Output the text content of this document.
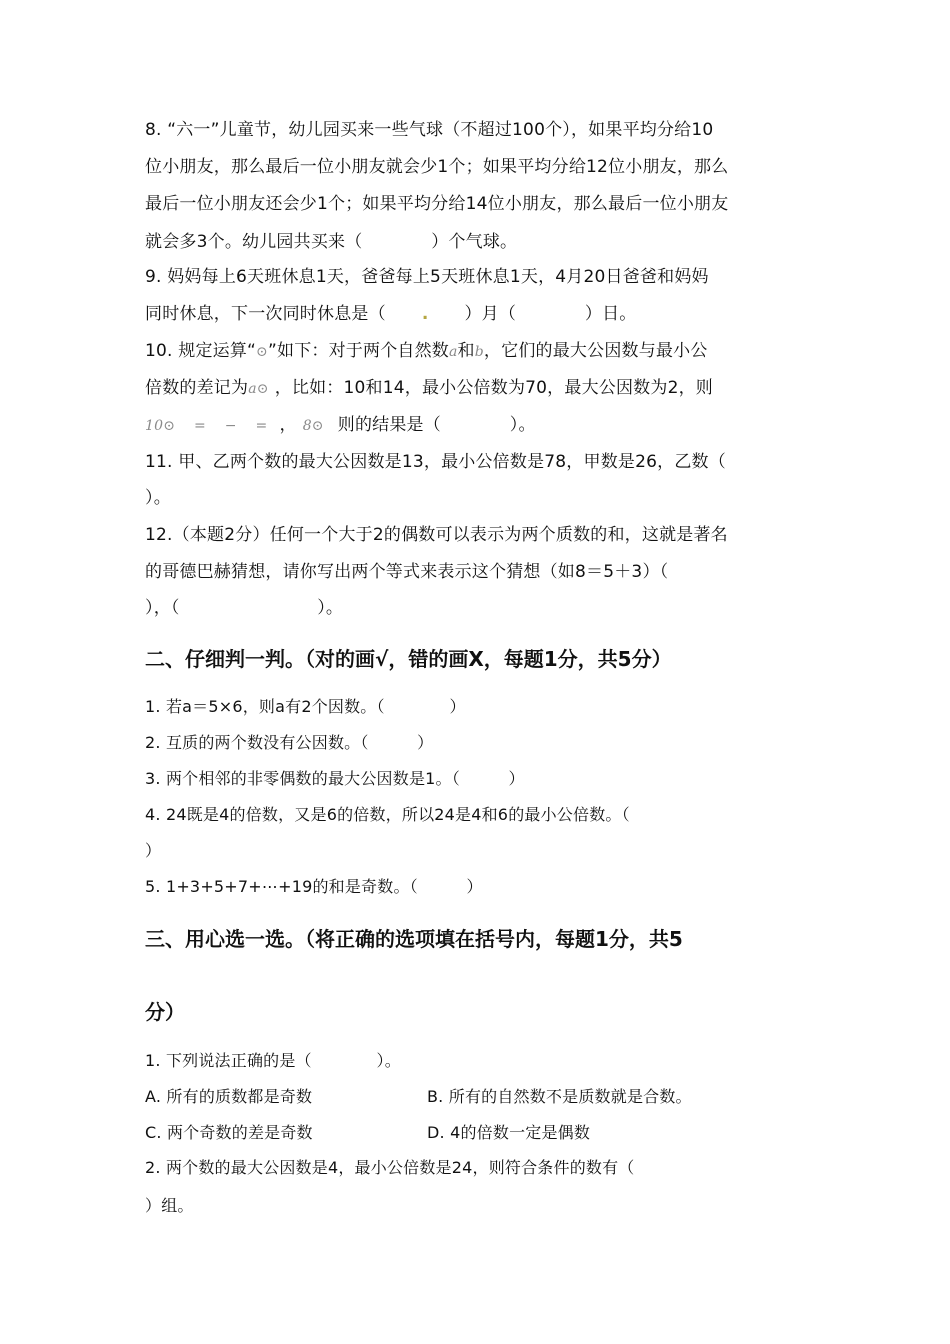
8. “六一”儿童节，幼儿园买来一些气球（不超过100个），如果平均分给10
位小朋友，那么最后一位小朋友就会少1个；如果平均分给12位小朋友，那么
最后一位小朋友还会少1个；如果平均分给14位小朋友，那么最后一位小朋友
就会多3个。幼儿园共买来（　　　　）个气球。
9. 妈妈每上6天班休息1天，爸爸每上5天班休息1天，4月20日爸爸和妈妈
同时休息，下一次同时休息是（ . ）月（　　　　）日。
10. 规定运算“⊙”如下：对于两个自然数a和b，它们的最大公因数与最小公
倍数的差记为a⊙ ，比如：10和14，最小公倍数为70，最大公因数为2，则
10⊙　 =　 −　 = ， 8⊙ 则的结果是（　　　　）。
11. 甲、乙两个数的最大公因数是13，最小公倍数是78，甲数是26，乙数（
）。
12.（本题2分）任何一个大于2的偶数可以表示为两个质数的和，这就是著名
的哥德巴赫猜想，请你写出两个等式来表示这个猜想（如8＝5＋3）（
），（　　　　　　　　）。
二、仔细判一判。（对的画√，错的画X，每题1分，共5分）
1. 若a＝5×6，则a有2个因数。（　　　　）
2. 互质的两个数没有公因数。（　　　）
3. 两个相邻的非零偶数的最大公因数是1。（　　　）
4. 24既是4的倍数，又是6的倍数，所以24是4和6的最小公倍数。（
）
5. 1+3+5+7+⋯+19的和是奇数。（　　　）
三、用心选一选。（将正确的选项填在括号内，每题1分，共5
分）
1. 下列说法正确的是（　　　　）。
A. 所有的质数都是奇数	B. 所有的自然数不是质数就是合数。
C. 两个奇数的差是奇数	D. 4的倍数一定是偶数
2. 两个数的最大公因数是4，最小公倍数是24，则符合条件的数有（
）组。
